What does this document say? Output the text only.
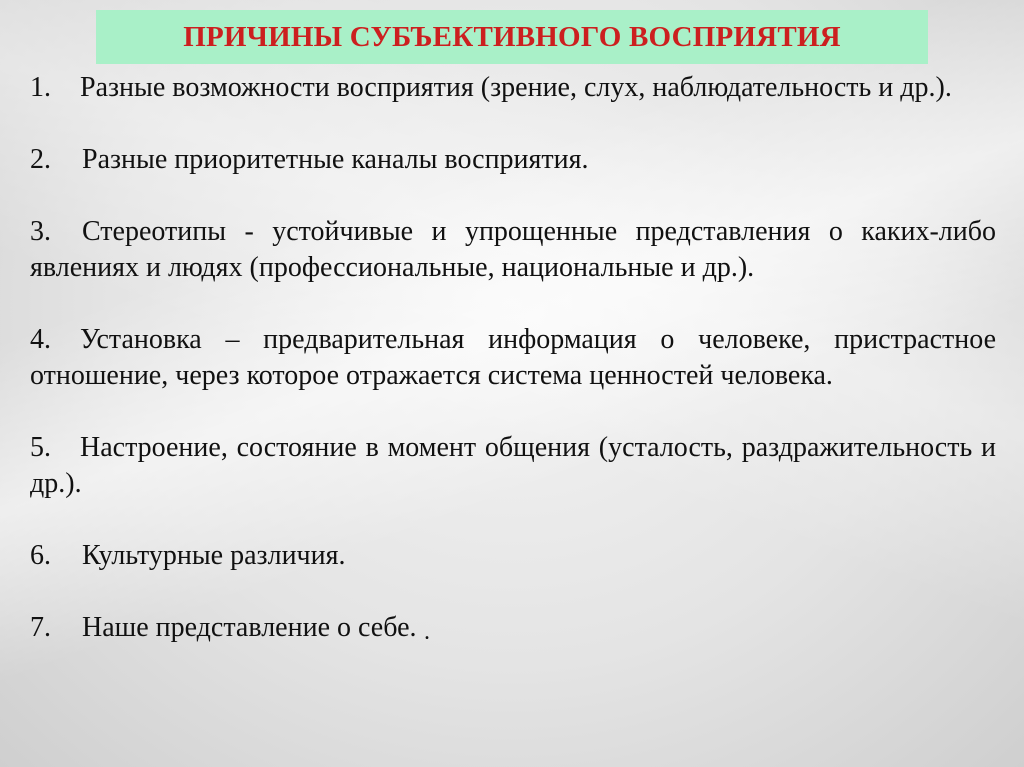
ПРИЧИНЫ СУБЪЕКТИВНОГО ВОСПРИЯТИЯ

1. Разные возможности восприятия (зрение, слух, наблюдательность и др.).

2. Разные приоритетные каналы восприятия.

3. Стереотипы - устойчивые и упрощенные представления о каких-либо явлениях и людях (профессиональные, национальные и др.).

4. Установка – предварительная информация о человеке, пристрастное отношение, через которое отражается система ценностей человека.

5. Настроение, состояние в момент общения (усталость, раздражительность и др.).

6. Культурные различия.

7. Наше представление о себе. .
